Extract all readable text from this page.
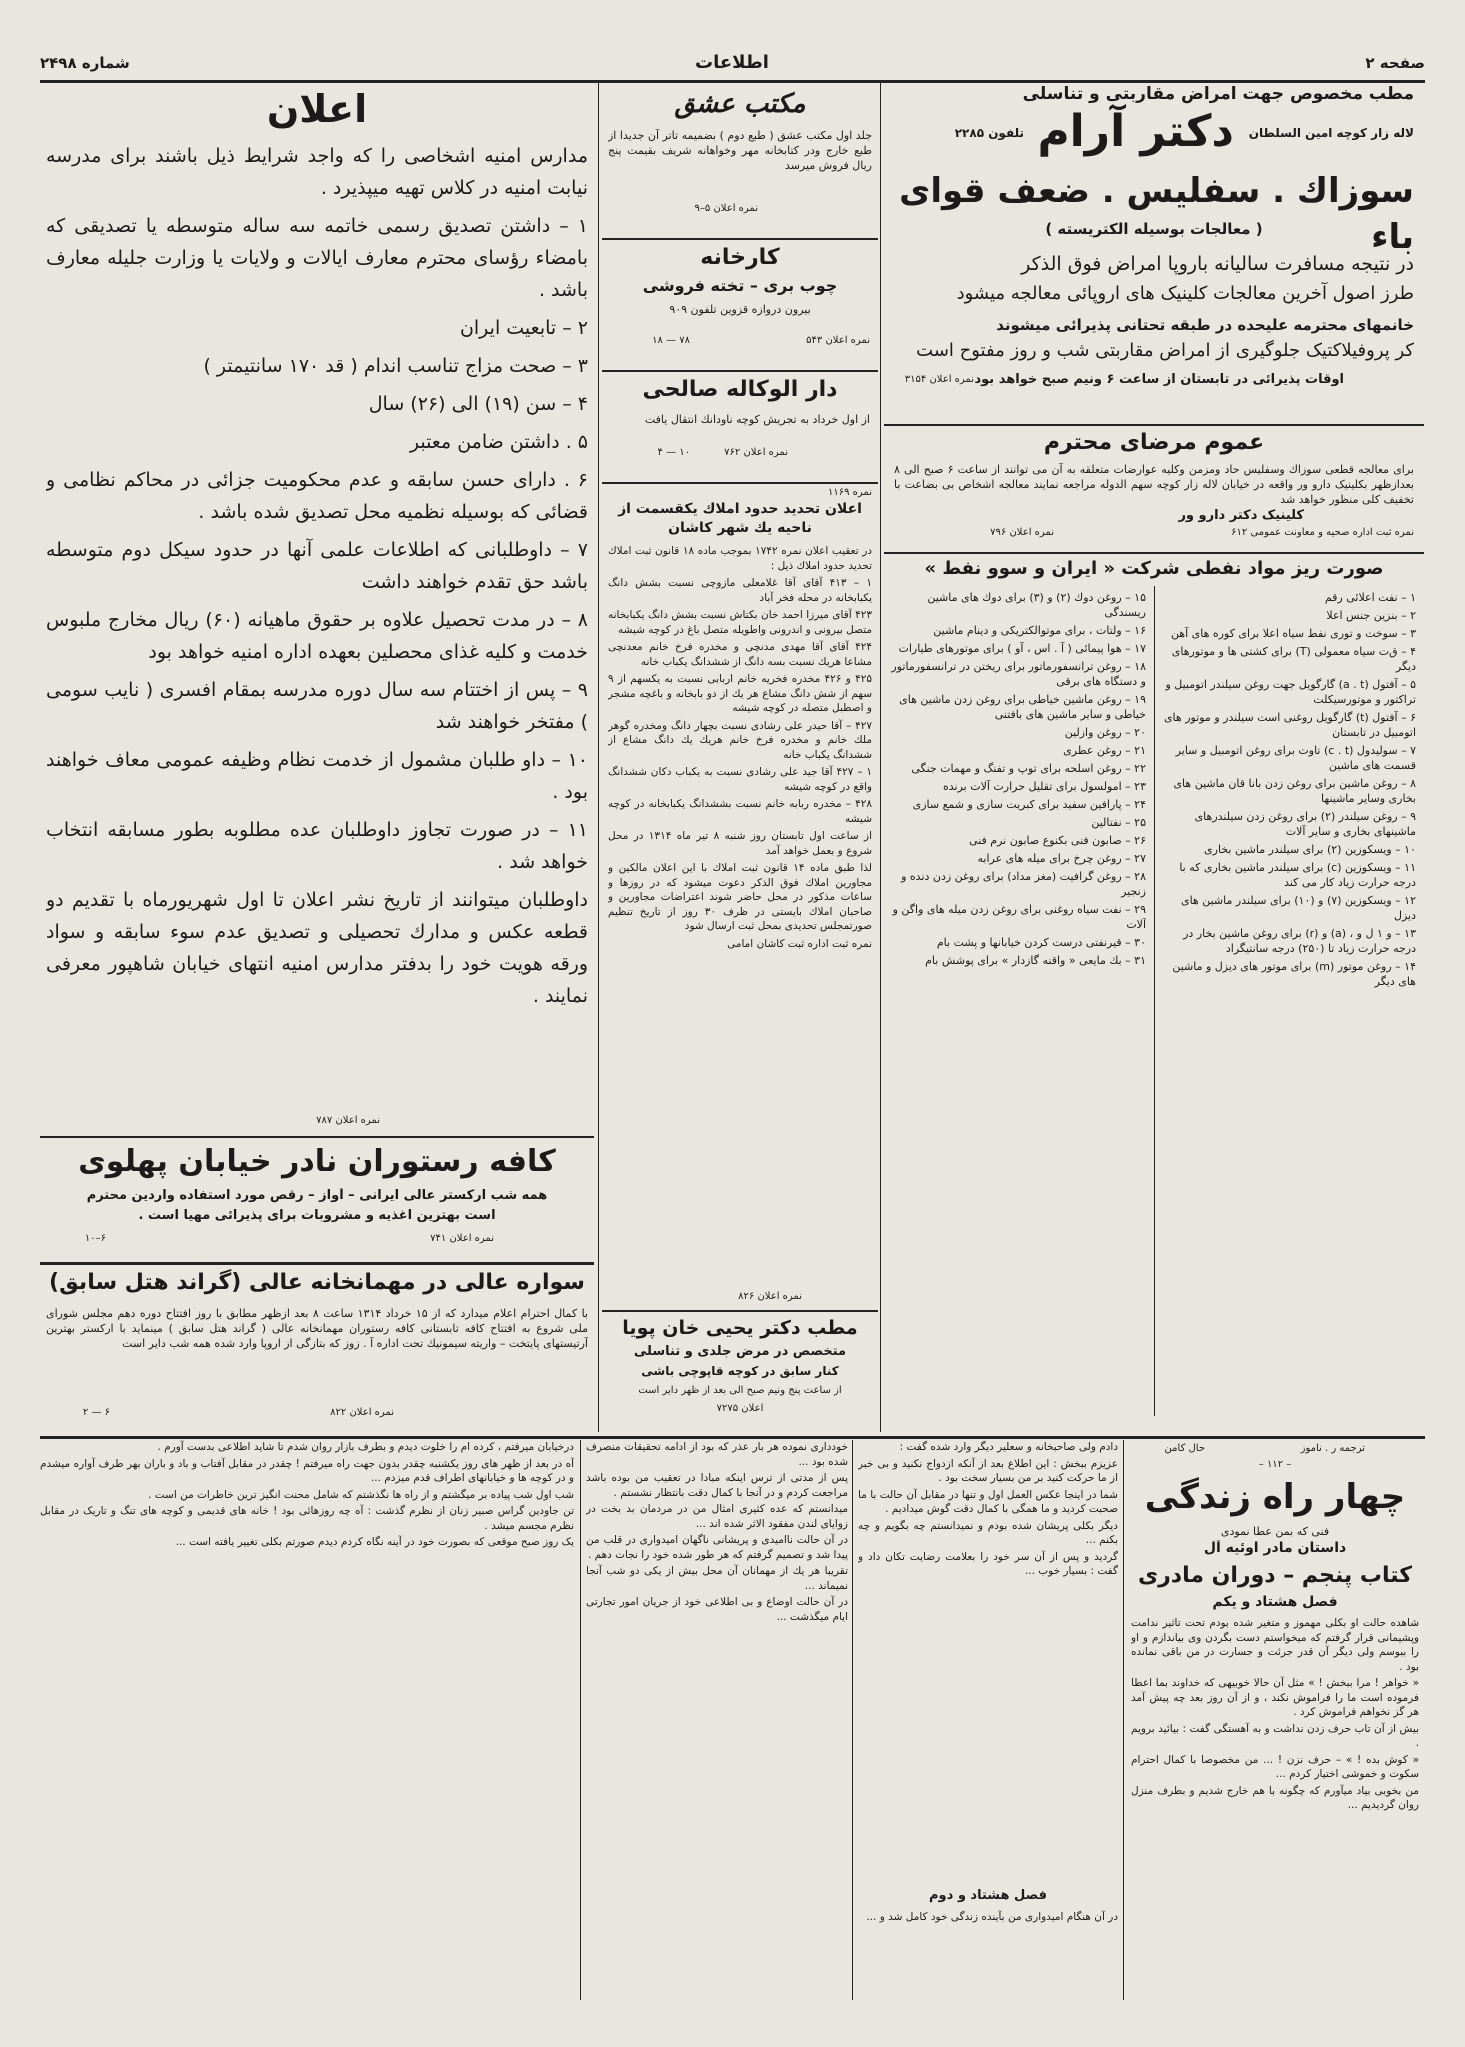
صفحه ۲
اطلاعات
شماره ۲۴۹۸
مطب مخصوص جهت امراض مقاربتی و تناسلی
لاله زار کوچه امین السلطان
دکتر آرام
تلفون ۲۲۸۵
سوزاك . سفلیس . ضعف قوای باء
( معالجات بوسیله الکتریسته )
در نتیجه مسافرت سالیانه باروپا امراض فوق الذکر
طرز اصول آخرین معالجات کلینیک های اروپائی معالجه میشود
خانمهای محترمه علیحده در طبقه تحتانی پذیرائی میشوند
کر پروفیلاکتیک جلوگیری از امراض مقاربتی شب و روز مفتوح است
اوقات پذیرائی در تابستان از ساعت ۶ ونیم صبح خواهد بود
نمره اعلان ۳۱۵۴
عموم مرضای محترم
برای معالجه قطعی سوزاك وسفلیس حاد ومزمن وکلیه عوارضات متعلقه به آن می توانند از ساعت ۶ صبح الی ۸ بعدازظهر بکلینیک دارو ور واقعه در خیابان لاله زار کوچه سهم الدوله مراجعه نمایند معالجه اشخاص بی بضاعت با تخفیف کلی منظور خواهد شد
کلینیک دکتر دارو ور
نمره ثبت اداره صحیه و معاونت عمومی ۶۱۲
نمره اعلان ۷۹۶
صورت ریز مواد نفطی شرکت « ایران و سوو نفط »

۱ – نفت اعلائی رقم

۲ – بنزین جنس اعلا

۳ – سوخت و توری نفط سیاه اعلا برای کوره های آهن

۴ – ق‌ت سیاه معمولی (T) برای کشتی ها و موتورهای دیگر

۵ – آفتول (a . t) گارگویل جهت روغن سیلندر اتومبیل و تراکتور و موتورسیکلت

۶ – آفتول (t) گارگویل روغنی است سیلندر و موتور های اتومبیل در تابستان

۷ – سولیدول (c . t) تاوت برای روغن اتومبیل و سایر قسمت های ماشین

۸ – روغن ماشین برای روغن زدن بانا قان ماشین های بخاری وسایر ماشینها

۹ – روغن سیلندر (۲) برای روغن زدن سیلندرهای ماشینهای بخاری و سایر آلات

۱۰ – ویسکوزین (۲) برای سیلندر ماشین بخاری

۱۱ – ویسکوزین (c) برای سیلندر ماشین بخاری که با درجه حرارت زیاد کار می کند

۱۲ – ویسکوزین (۷) و (۱۰) برای سیلندر ماشین های دیزل

۱۳ – و ۱ ل و ، (a) و (r) برای روغن ماشین بخار در درجه حرارت زیاد تا (۲۵۰) درجه سانتیگراد

۱۴ – روغن موتور (m) برای موتور های دیزل و ماشین های دیگر

۱۵ – روغن دوك (۲) و (۳) برای دوك های ماشین ریسندگی

۱۶ – ولتات ، برای موتوالکتریکی و دینام ماشین

۱۷ – هوا پیمائی ( آ . اس ، آو ) برای موتورهای طیارات

۱۸ – روغن ترانسفورماتور برای ریختن در ترانسفورماتور و دستگاه های برقی

۱۹ – روغن ماشین خیاطی برای روغن زدن ماشین های خیاطی و سایر ماشین های بافتنی

۲۰ – روغن وازلین

۲۱ – روغن عطری

۲۲ – روغن اسلحه برای توپ و تفنگ و مهمات جنگی

۲۳ – امولسول برای تقلیل حرارت آلات برنده

۲۴ – پارافین سفید برای کبریت سازی و شمع سازی

۲۵ – نفتالین

۲۶ – صابون فنی بکنوع صابون نرم فنی

۲۷ – روغن چرخ برای میله های عرابه

۲۸ – روغن گرافیت (مغز مداد) برای روغن زدن دنده و زنجیر

۲۹ – نفت سیاه روغنی برای روغن زدن میله های واگن و آلات

۳۰ – قیرنفتی درست کردن خیابانها و پشت بام

۳۱ – بك مایعی « واقنه گازدار » برای پوشش بام

مکتب عشق
جلد اول مکتب عشق ( طبع دوم ) بضمیمه تاتر آن جدیدا از طبع خارج ودر کتابخانه مهر وخواهانه شریف بقیمت پنج ریال فروش میرسد
نمره اعلان ۵–۹
کارخانه
چوب بری – تخته فروشی
بیرون دروازه قزوین تلفون ۹۰۹
نمره اعلان ۵۴۳
۷۸ — ۱۸
دار الوکاله صالحی
از اول خرداد به تجریش کوچه ناودانك انتقال یافت
نمره اعلان ۷۶۲
۱۰ — ۴
نمره ۱۱۶۹
اعلان تحدید حدود املاك یکقسمت از ناحیه یك شهر کاشان

در تعقیب اعلان نمره ۱۷۴۲ بموجب ماده ۱۸ قانون ثبت املاك تحدید حدود املاك ذیل :

۱ – ۴۱۳ آقای آقا غلامعلی مازوچی نسبت بشش دانگ یکبابخانه در محله فخر آباد

۴۲۳ آقای میرزا احمد خان بکتاش نسبت بشش دانگ یکبابخانه متصل بیرونی و اندرونی واطویله متصل باغ در کوچه شیشه

۴۲۴ آقای آقا مهدی مدنچی و مخدره فرخ خانم معدنچی مشاعا هریك نسبت بسه دانگ از ششدانگ یکباب خانه

۴۲۵ و ۴۲۶ مخدره فخریه خانم اربابی نسبت به یکسهم از ۹ سهم از شش دانگ مشاع هر یك از دو بابخانه و باغچه مشجر و اصطبل متصله در کوچه شیشه

۴۲۷ – آقا حیدر علی رشادی نسبت بچهار دانگ ومخدره گوهر ملك خانم و مخدره فرخ خانم هریك یك دانگ مشاع از ششدانگ یکباب خانه

۱ – ۴۲۷ آقا جید علی رشادی نسبت به یکباب دکان ششدانگ واقع در کوچه شیشه

۴۲۸ – مخدره ربابه خانم نسبت بششدانگ یکبابخانه در کوچه شیشه

از ساعت اول تابستان روز شنبه ۸ تیر ماه ۱۳۱۴ در محل شروع و بعمل خواهد آمد

لذا طبق ماده ۱۴ قانون ثبت املاك با این اعلان مالکین و مجاورین املاك فوق الذکر دعوت میشود که در روزها و ساعات مذکور در محل حاضر شوند اعتراضات مجاورین و صاحبان املاك بایستی در ظرف ۳۰ روز از تاریخ تنظیم صورتمجلس تحدیدی بمحل ثبت ارسال شود

نمره ثبت اداره ثبت کاشان امامی

نمره اعلان ۸۲۶
مطب دکتر یحیی خان پویا
متخصص در مرض جلدی و تناسلی
کنار سابق در کوچه قاپوچی باشی
از ساعت پنج ونیم صبح الی بعد از ظهر دایر است
اعلان ۷۲۷۵
اعلان

مدارس امنیه اشخاصی را که واجد شرایط ذیل باشند برای مدرسه نیابت امنیه در کلاس تهیه میپذیرد .

۱ – داشتن تصدیق رسمی خاتمه سه ساله متوسطه یا تصدیقی که بامضاء رؤسای محترم معارف ایالات و ولایات یا وزارت جلیله معارف باشد .

۲ – تابعیت ایران

۳ – صحت مزاج تناسب اندام ( قد ۱۷۰ سانتیمتر )

۴ – سن (۱۹) الی (۲۶) سال

۵ . داشتن ضامن معتبر

۶ . دارای حسن سابقه و عدم محکومیت جزائی در محاکم نظامی و قضائی که بوسیله نظمیه محل تصدیق شده باشد .

۷ – داوطلبانی که اطلاعات علمی آنها در حدود سیکل دوم متوسطه باشد حق تقدم خواهند داشت

۸ – در مدت تحصیل علاوه بر حقوق ماهیانه (۶۰) ریال مخارج ملبوس خدمت و کلیه غذای محصلین بعهده اداره امنیه خواهد بود

۹ – پس از اختتام سه سال دوره مدرسه بمقام افسری ( نایب سومی ) مفتخر خواهند شد

۱۰ – داو طلبان مشمول از خدمت نظام وظیفه عمومی معاف خواهند بود .

۱۱ – در صورت تجاوز داوطلبان عده مطلوبه بطور مسابقه انتخاب خواهد شد .

داوطلبان میتوانند از تاریخ نشر اعلان تا اول شهریورماه با تقدیم دو قطعه عکس و مدارك تحصیلی و تصدیق عدم سوء سابقه و سواد ورقه هویت خود را بدفتر مدارس امنیه انتهای خیابان شاهپور معرفی نمایند .

نمره اعلان ۷۸۷
کافه رستوران نادر خیابان پهلوی
همه شب ارکستر عالی ایرانی – آواز – رقص مورد استفاده واردین محترم
است بهترین اغذیه و مشروبات برای پذیرائی مهیا است .
نمره اعلان ۷۴۱
۶–۱۰
سواره عالی در مهمانخانه عالی (گراند هتل سابق)
با کمال احترام اعلام میدارد که از ۱۵ خرداد ۱۳۱۴ ساعت ۸ بعد ازظهر مطابق با روز افتتاح دوره دهم مجلس شورای ملی شروع به افتتاح کافه تابستانی کافه رستوران مهمانخانه عالی ( گراند هتل سابق ) مینماید با ارکستر بهترین آرتیستهای پایتخت – واریته سیمونیك تحت اداره آ . زوز که بتازگی از اروپا وارد شده همه شب دایر است
نمره اعلان ۸۲۲
۶ — ۲
ترجمه ر . ناموز
حال کامن
– ۱۱۲ –
چهار راه زندگی
فنی که بمن عطا نمودی
داستان مادر اوئیه آل
کتاب پنجم – دوران مادری
فصل هشتاد و یکم

شاهده حالت او بکلی مهموز و متغیر شده بودم تحت تاثیر ندامت وپشیمانی قرار گرفتم که میخواستم دست بگردن وی بیاندازم و او را ببوسم ولی دیگر آن قدر جرئت و جسارت در من باقی نمانده بود .

« خواهر ! مرا ببخش ! » مثل آن حالا خوبیهی که خداوند بما اعطا فرموده است ما را فراموش نکند ، و از آن روز بعد چه پیش آمد هر گز نخواهم فراموش کرد .

بیش از آن تاب حرف زدن نداشت و به آهستگی گفت : بیائید برویم .

« کوش بده ! » – حرف نزن ! ... من مخصوصا با کمال احترام سکوت و خموشی اختیار کردم ...

من بخوبی بیاد میآورم که چگونه با هم خارج شدیم و بطرف منزل روان گردیدیم ...

دادم ولی صاحبخانه و سعلیر دیگر وارد شده گفت :

عزیزم ببخش : این اطلاع بعد از آنکه ازدواج نکنید و بی خبر از ما حرکت کنید بر من بسیار سخت بود .

شما در اینجا عکس العمل اول و تنها در مقابل آن حالت با ما صحبت کردید و ما همگی با کمال دقت گوش میدادیم .

دیگر بکلی پریشان شده بودم و نمیدانستم چه بگویم و چه بکنم ...

گردید و پس از آن سر خود را بعلامت رضایت تکان داد و گفت : بسیار خوب ...

فصل هشتاد و دوم

در آن هنگام امیدواری من بآینده زندگی خود کامل شد و ...

خودداری نموده هر بار عذر که بود از ادامه تحقیقات منصرف شده بود ...

پس از مدتی از ترس اینکه مبادا در تعقیب من بوده باشد مراجعت کردم و در آنجا با کمال دقت بانتظار نشستم .

میدانستم که عده کثیری امثال من در مردمان بد بخت در زوایای لندن مفقود الاثر شده اند ...

در آن حالت ناامیدی و پریشانی ناگهان امیدواری در قلب من پیدا شد و تصمیم گرفتم که هر طور شده خود را نجات دهم .

تقریبا هر یك از مهمانان آن محل بیش از یکی دو شب آنجا نمیماند ...

در آن حالت اوضاع و بی اطلاعی خود از جریان امور تجارتی ایام میگذشت ...

درخیابان میرفتم ، کرده ام را خلوت دیدم و بطرف بازار روان شدم تا شاید اطلاعی بدست آورم .

آه در بعد از ظهر های روز یکشنبه چقدر بدون جهت راه میرفتم ! چقدر در مقابل آفتاب و باد و باران بهر طرف آواره میشدم و در کوچه ها و خیابانهای اطراف قدم میزدم ...

شب اول شب پیاده بر میگشتم و از راه ها نگذشتم که شامل محنت انگیز ترین خاطرات من است .

تن جاودین گراس صبیر زنان از نظرم گذشت : آه چه روزهائی بود ! خانه های قدیمی و کوچه های تنگ و تاریک در مقابل نظرم مجسم میشد .

یک روز صبح موقعی که بصورت خود در آینه نگاه کردم دیدم صورتم بکلی تغییر یافته است ...
